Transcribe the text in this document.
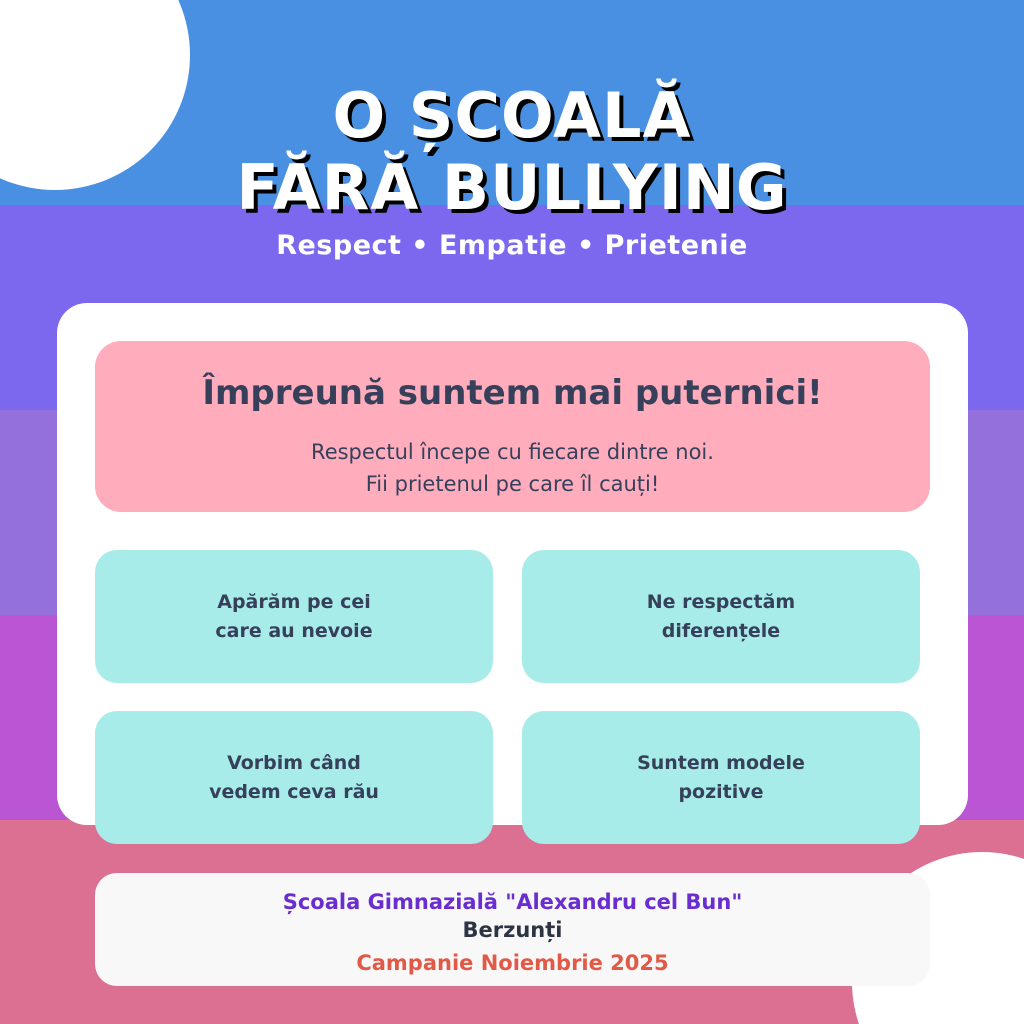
O ȘCOALĂ
FĂRĂ BULLYING
Respect • Empatie • Prietenie
Împreună suntem mai puternici!
Respectul începe cu fiecare dintre noi.
Fii prietenul pe care îl cauți!
Apărăm pe cei
care au nevoie
Ne respectăm
diferențele
Vorbim când
vedem ceva rău
Suntem modele
pozitive
Școala Gimnazială "Alexandru cel Bun"
Berzunți
Campanie Noiembrie 2025
